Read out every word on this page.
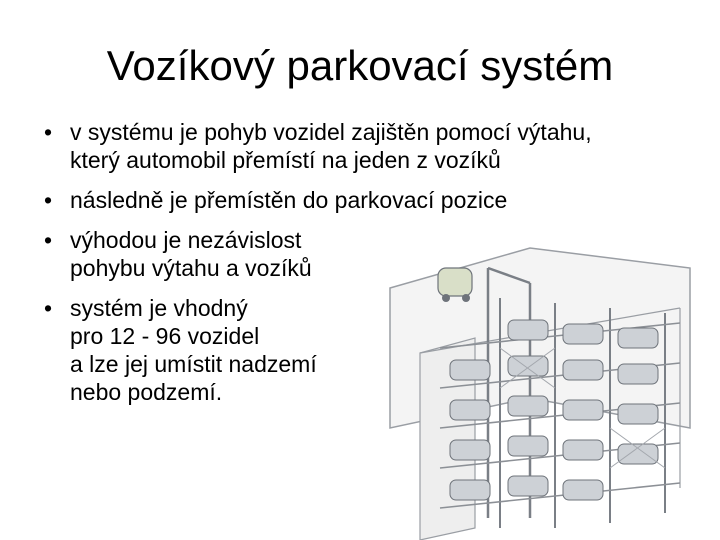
Vozíkový parkovací systém
• v systému je pohyb vozidel zajištěn pomocí výtahu,
který automobil přemístí na jeden z vozíků
• následně je přemístěn do parkovací pozice
• výhodou je nezávislost
pohybu výtahu a vozíků
• systém je vhodný
pro 12 - 96 vozidel
a lze jej umístit nadzemí
nebo podzemí.
